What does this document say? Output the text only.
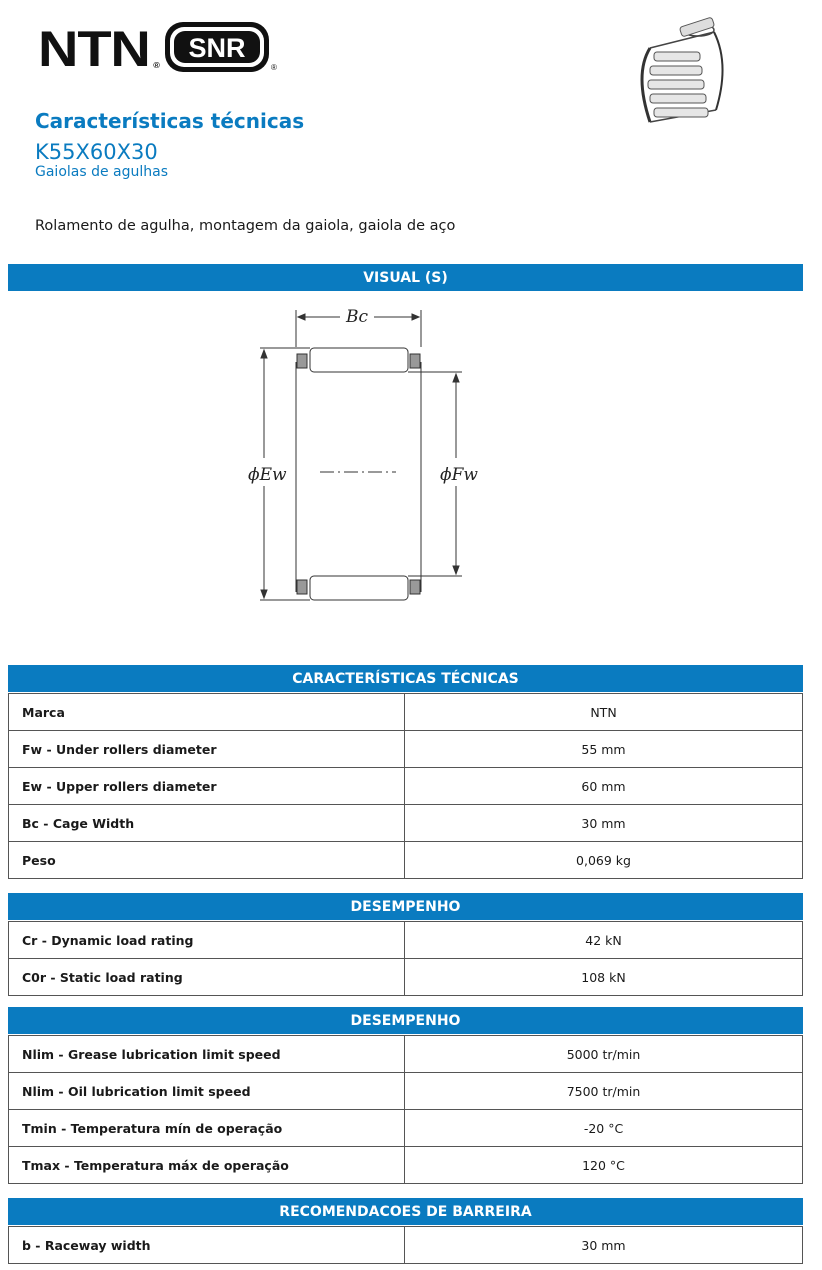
NTN ®
SNR
®
Características técnicas
K55X60X30
Gaiolas de agulhas
Rolamento de agulha, montagem da gaiola, gaiola de aço
VISUAL (S)
Bc
ϕEw	ϕFw
CARACTERÍSTICAS TÉCNICAS
Marca	NTN
Fw - Under rollers diameter	55 mm
Ew - Upper rollers diameter	60 mm
Bc - Cage Width	30 mm
Peso	0,069 kg
DESEMPENHO
Cr - Dynamic load rating	42 kN
C0r - Static load rating	108 kN
DESEMPENHO
Nlim - Grease lubrication limit speed	5000 tr/min
Nlim - Oil lubrication limit speed	7500 tr/min
Tmin - Temperatura mín de operação	-20 °C
Tmax - Temperatura máx de operação	120 °C
RECOMENDACOES DE BARREIRA
b - Raceway width	30 mm
